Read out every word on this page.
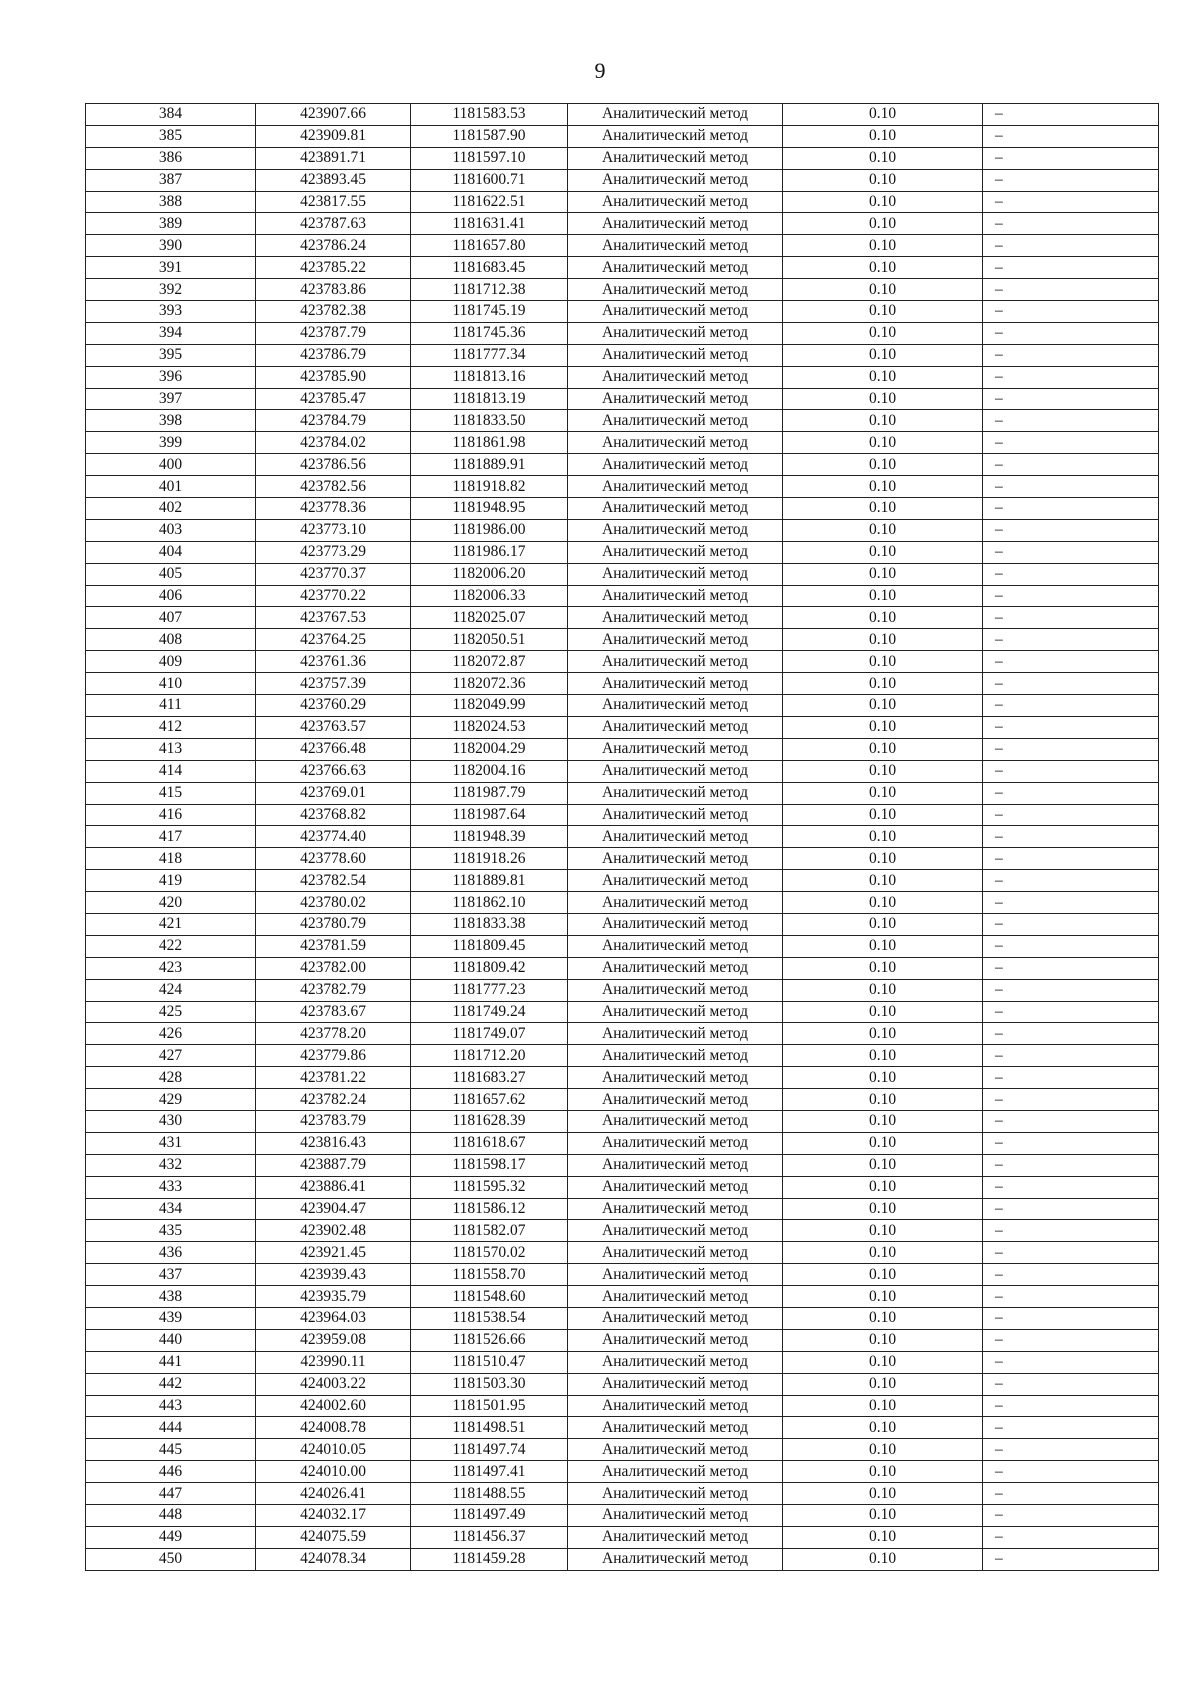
9
384	423907.66	1181583.53	Аналитический метод	0.10	–
385	423909.81	1181587.90	Аналитический метод	0.10	–
386	423891.71	1181597.10	Аналитический метод	0.10	–
387	423893.45	1181600.71	Аналитический метод	0.10	–
388	423817.55	1181622.51	Аналитический метод	0.10	–
389	423787.63	1181631.41	Аналитический метод	0.10	–
390	423786.24	1181657.80	Аналитический метод	0.10	–
391	423785.22	1181683.45	Аналитический метод	0.10	–
392	423783.86	1181712.38	Аналитический метод	0.10	–
393	423782.38	1181745.19	Аналитический метод	0.10	–
394	423787.79	1181745.36	Аналитический метод	0.10	–
395	423786.79	1181777.34	Аналитический метод	0.10	–
396	423785.90	1181813.16	Аналитический метод	0.10	–
397	423785.47	1181813.19	Аналитический метод	0.10	–
398	423784.79	1181833.50	Аналитический метод	0.10	–
399	423784.02	1181861.98	Аналитический метод	0.10	–
400	423786.56	1181889.91	Аналитический метод	0.10	–
401	423782.56	1181918.82	Аналитический метод	0.10	–
402	423778.36	1181948.95	Аналитический метод	0.10	–
403	423773.10	1181986.00	Аналитический метод	0.10	–
404	423773.29	1181986.17	Аналитический метод	0.10	–
405	423770.37	1182006.20	Аналитический метод	0.10	–
406	423770.22	1182006.33	Аналитический метод	0.10	–
407	423767.53	1182025.07	Аналитический метод	0.10	–
408	423764.25	1182050.51	Аналитический метод	0.10	–
409	423761.36	1182072.87	Аналитический метод	0.10	–
410	423757.39	1182072.36	Аналитический метод	0.10	–
411	423760.29	1182049.99	Аналитический метод	0.10	–
412	423763.57	1182024.53	Аналитический метод	0.10	–
413	423766.48	1182004.29	Аналитический метод	0.10	–
414	423766.63	1182004.16	Аналитический метод	0.10	–
415	423769.01	1181987.79	Аналитический метод	0.10	–
416	423768.82	1181987.64	Аналитический метод	0.10	–
417	423774.40	1181948.39	Аналитический метод	0.10	–
418	423778.60	1181918.26	Аналитический метод	0.10	–
419	423782.54	1181889.81	Аналитический метод	0.10	–
420	423780.02	1181862.10	Аналитический метод	0.10	–
421	423780.79	1181833.38	Аналитический метод	0.10	–
422	423781.59	1181809.45	Аналитический метод	0.10	–
423	423782.00	1181809.42	Аналитический метод	0.10	–
424	423782.79	1181777.23	Аналитический метод	0.10	–
425	423783.67	1181749.24	Аналитический метод	0.10	–
426	423778.20	1181749.07	Аналитический метод	0.10	–
427	423779.86	1181712.20	Аналитический метод	0.10	–
428	423781.22	1181683.27	Аналитический метод	0.10	–
429	423782.24	1181657.62	Аналитический метод	0.10	–
430	423783.79	1181628.39	Аналитический метод	0.10	–
431	423816.43	1181618.67	Аналитический метод	0.10	–
432	423887.79	1181598.17	Аналитический метод	0.10	–
433	423886.41	1181595.32	Аналитический метод	0.10	–
434	423904.47	1181586.12	Аналитический метод	0.10	–
435	423902.48	1181582.07	Аналитический метод	0.10	–
436	423921.45	1181570.02	Аналитический метод	0.10	–
437	423939.43	1181558.70	Аналитический метод	0.10	–
438	423935.79	1181548.60	Аналитический метод	0.10	–
439	423964.03	1181538.54	Аналитический метод	0.10	–
440	423959.08	1181526.66	Аналитический метод	0.10	–
441	423990.11	1181510.47	Аналитический метод	0.10	–
442	424003.22	1181503.30	Аналитический метод	0.10	–
443	424002.60	1181501.95	Аналитический метод	0.10	–
444	424008.78	1181498.51	Аналитический метод	0.10	–
445	424010.05	1181497.74	Аналитический метод	0.10	–
446	424010.00	1181497.41	Аналитический метод	0.10	–
447	424026.41	1181488.55	Аналитический метод	0.10	–
448	424032.17	1181497.49	Аналитический метод	0.10	–
449	424075.59	1181456.37	Аналитический метод	0.10	–
450	424078.34	1181459.28	Аналитический метод	0.10	–
